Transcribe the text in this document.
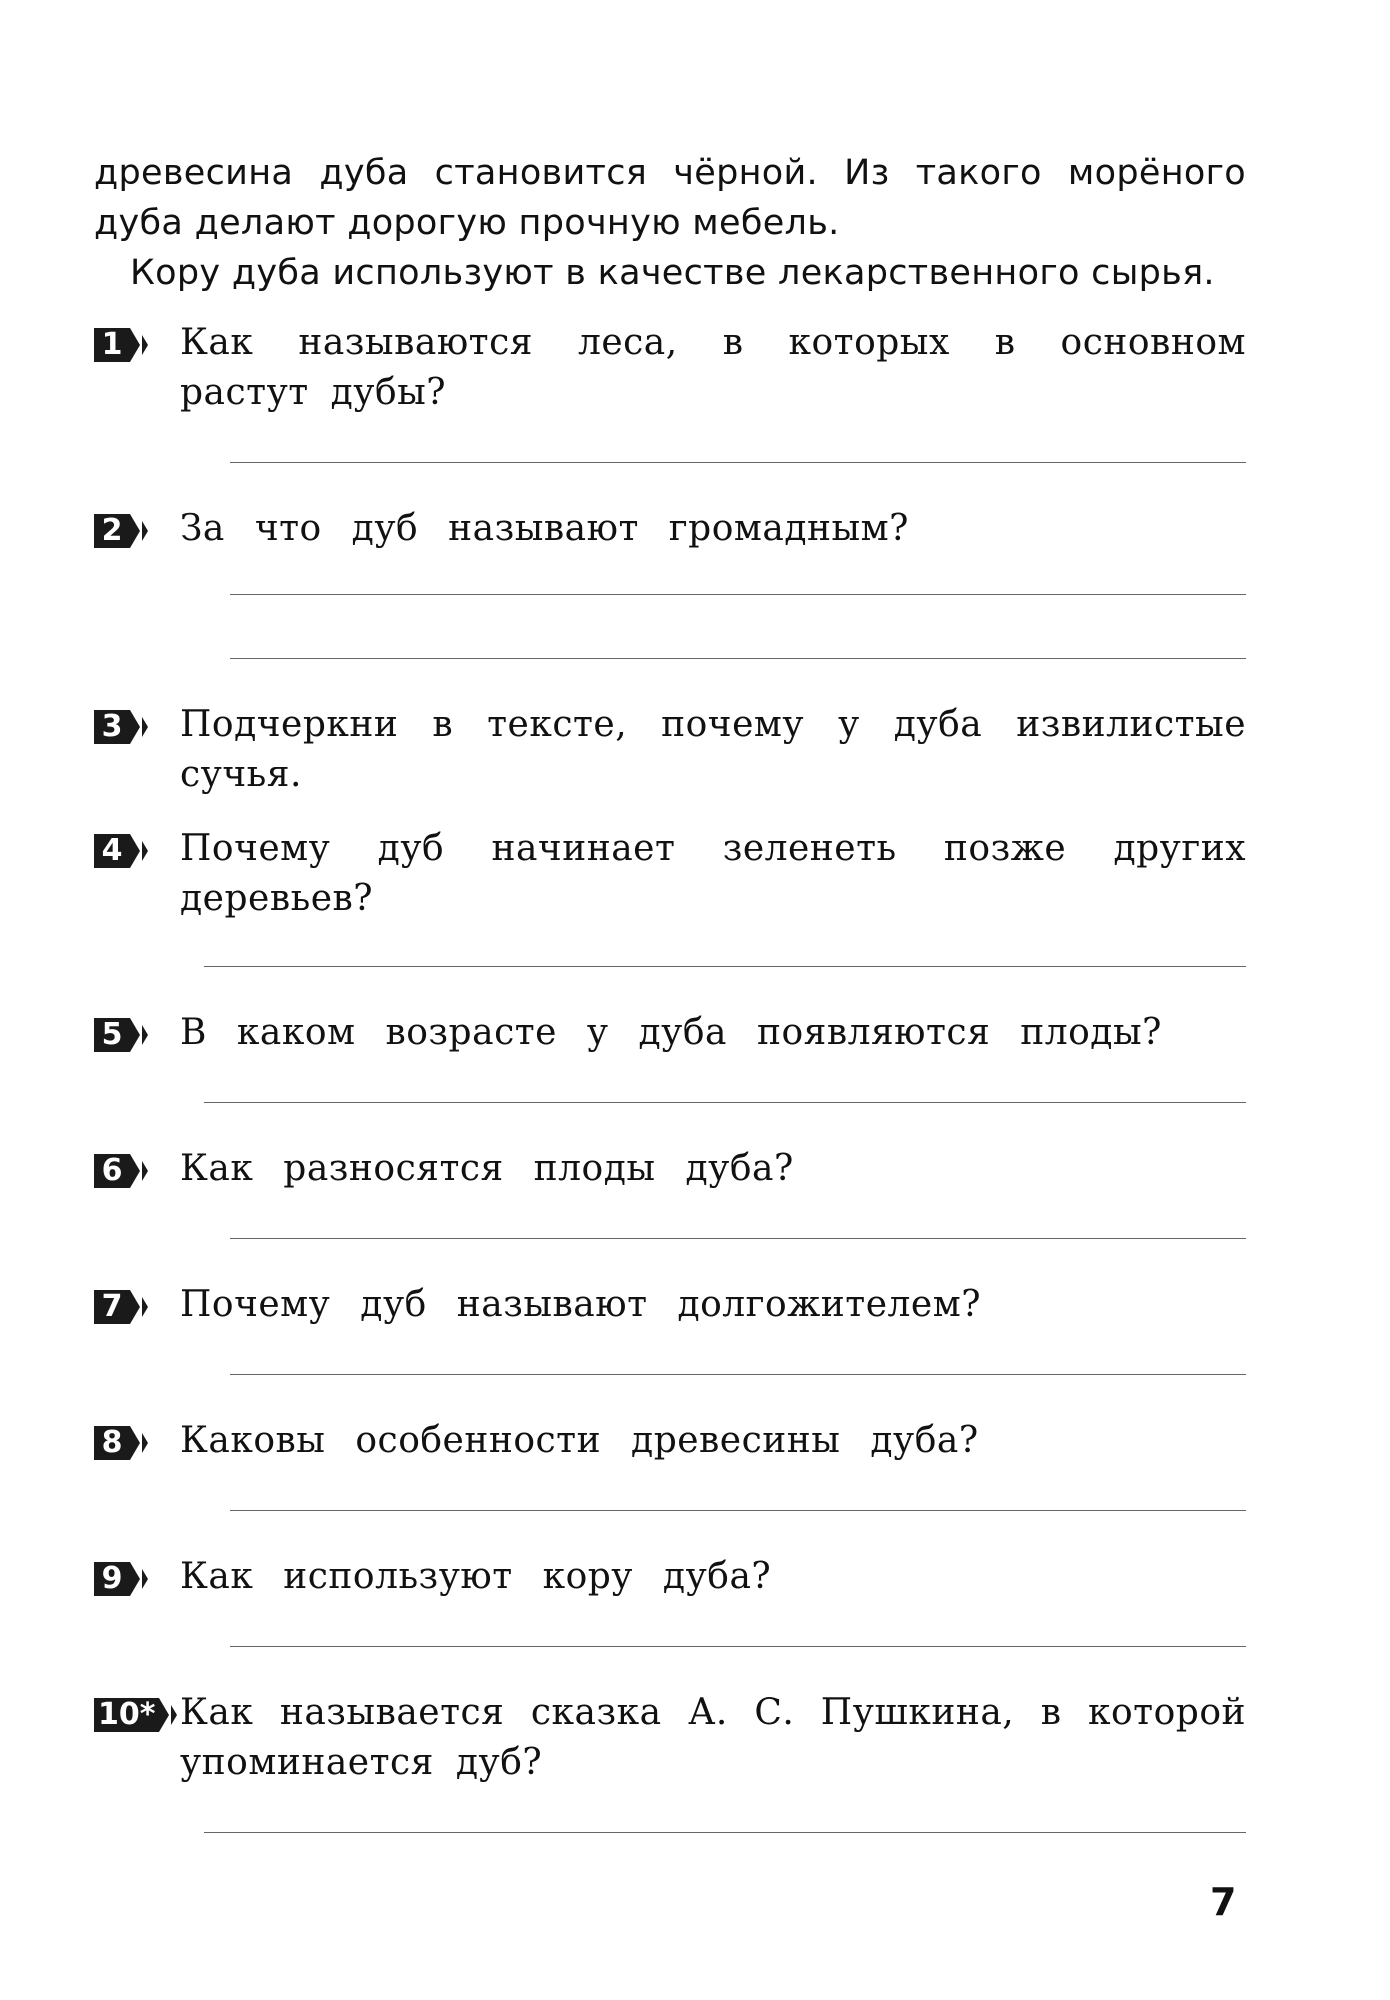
древесина дуба становится чёрной. Из такого морёного

дуба делают дорогую прочную мебель.

Кору дуба используют в качестве лекарственного сырья.

1 Как называются леса, в которых в основном
растут дубы?
2 За что дуб называют громадным?
3 Подчеркни в тексте, почему у дуба извилистые
сучья.
4 Почему дуб начинает зеленеть позже других
деревьев?
5 В каком возрасте у дуба появляются плоды?
6 Как разносятся плоды дуба?
7 Почему дуб называют долгожителем?
8 Каковы особенности древесины дуба?
9 Как используют кору дуба?
10* Как называется сказка А. С. Пушкина, в которой
упоминается дуб?
7
